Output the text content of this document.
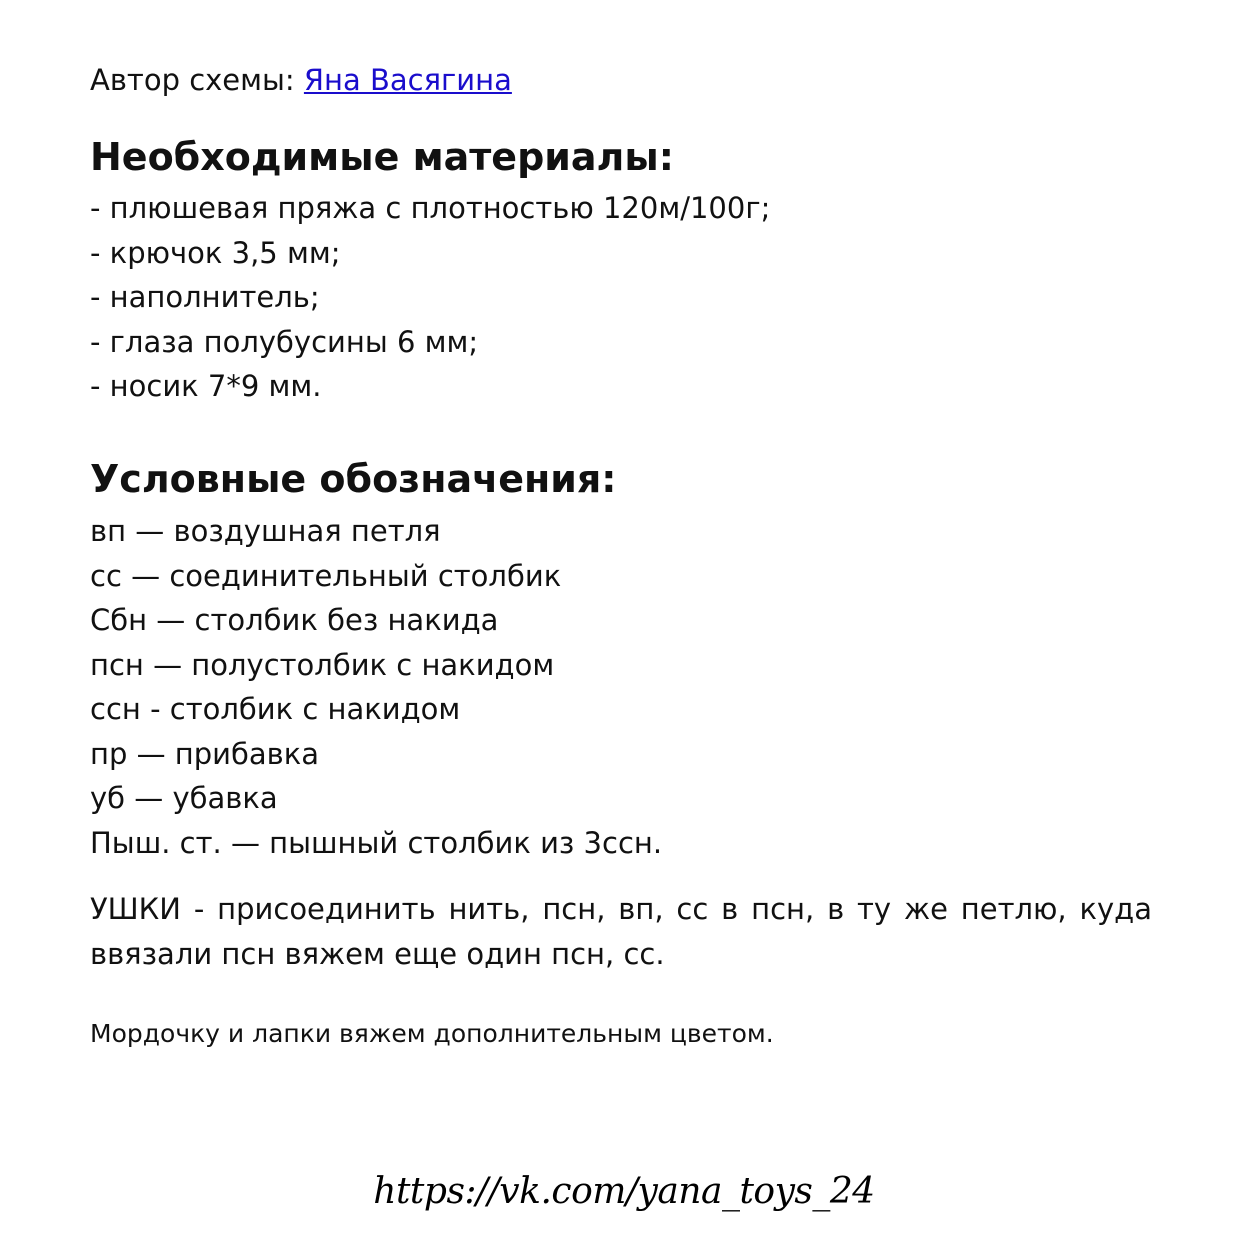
Автор схемы: Яна Васягина
Необходимые материалы:
- плюшевая пряжа с плотностью 120м/100г;
- крючок 3,5 мм;
- наполнитель;
- глаза полубусины 6 мм;
- носик 7*9 мм.
Условные обозначения:
вп — воздушная петля
сс — соединительный столбик
Сбн — столбик без накида
псн — полустолбик с накидом
ссн - столбик с накидом
пр — прибавка
уб — убавка
Пыш. ст. — пышный столбик из 3ссн.

УШКИ - присоединить нить, псн, вп, сс в псн, в ту же петлю, куда ввязали псн вяжем еще один псн, сс.

Мордочку и лапки вяжем дополнительным цветом.

https://vk.com/yana_toys_24
